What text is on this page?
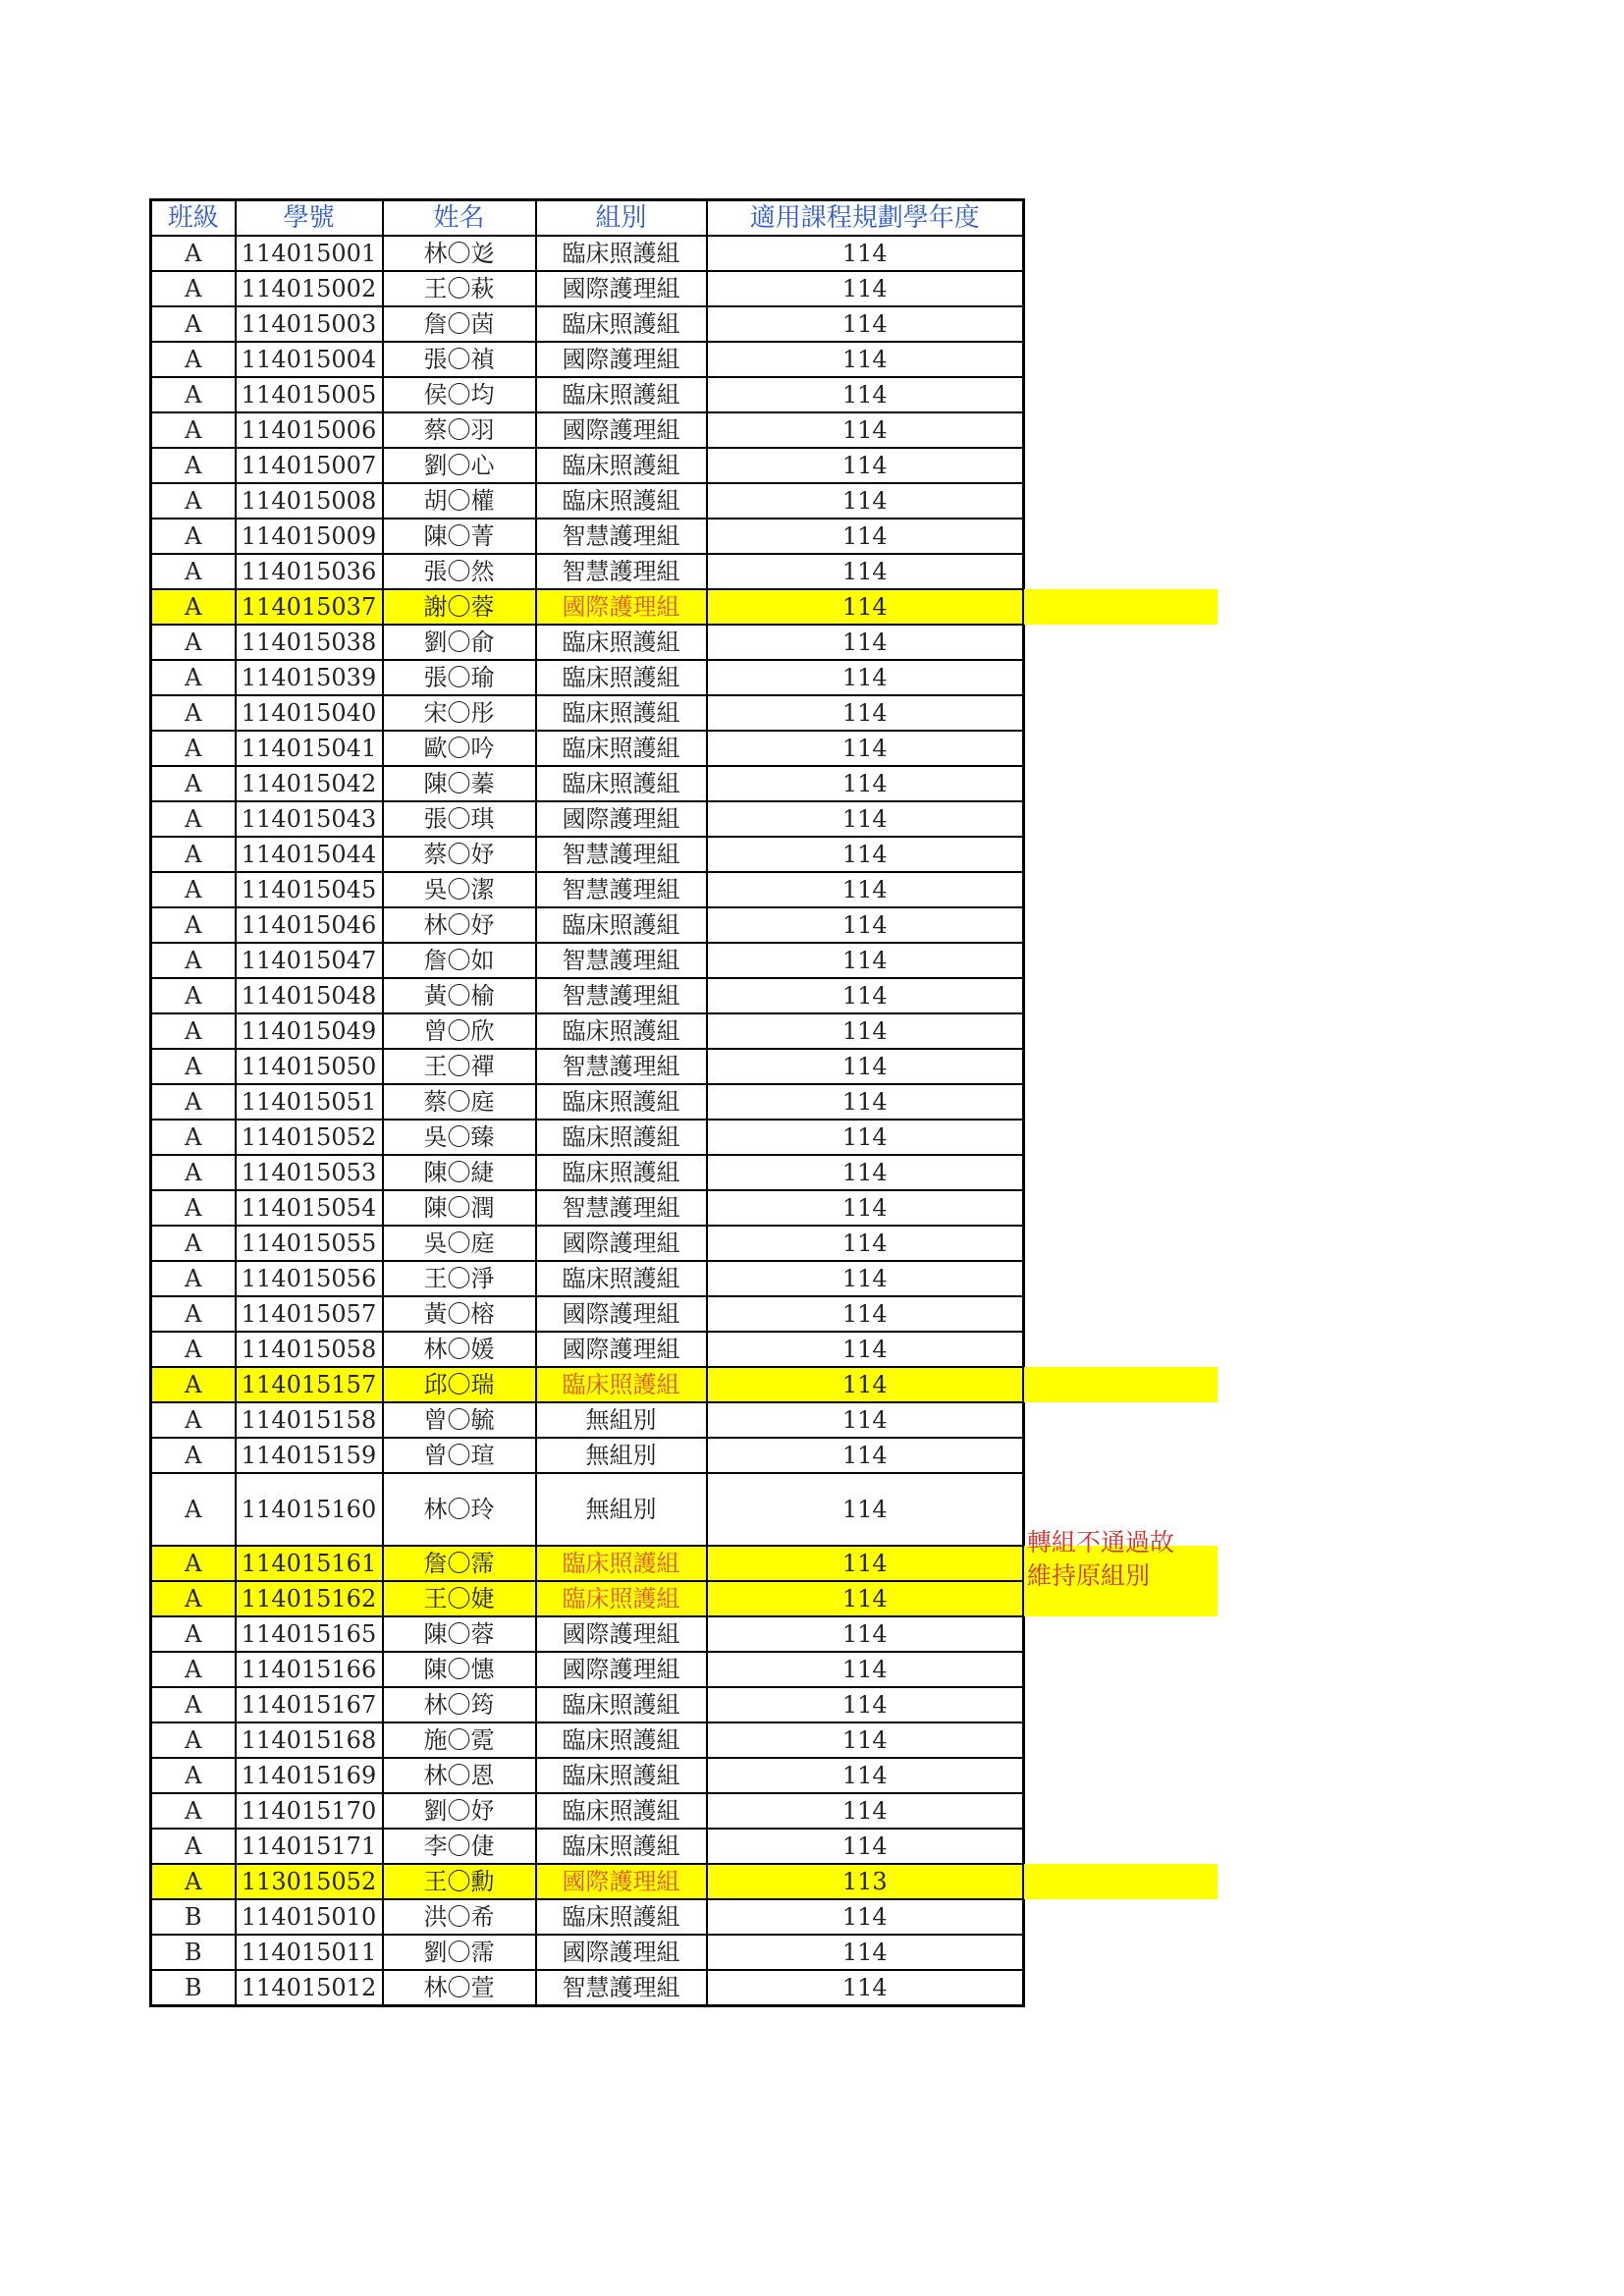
班級	學號	姓名	組別	適用課程規劃學年度
A	114015001	林〇彣	臨床照護組	114
A	114015002	王〇萩	國際護理組	114
A	114015003	詹〇茵	臨床照護組	114
A	114015004	張〇禎	國際護理組	114
A	114015005	侯〇均	臨床照護組	114
A	114015006	蔡〇羽	國際護理組	114
A	114015007	劉〇心	臨床照護組	114
A	114015008	胡〇權	臨床照護組	114
A	114015009	陳〇菁	智慧護理組	114
A	114015036	張〇然	智慧護理組	114
A	114015037	謝〇蓉	國際護理組	114
A	114015038	劉〇俞	臨床照護組	114
A	114015039	張〇瑜	臨床照護組	114
A	114015040	宋〇彤	臨床照護組	114
A	114015041	歐〇吟	臨床照護組	114
A	114015042	陳〇蓁	臨床照護組	114
A	114015043	張〇琪	國際護理組	114
A	114015044	蔡〇妤	智慧護理組	114
A	114015045	吳〇潔	智慧護理組	114
A	114015046	林〇妤	臨床照護組	114
A	114015047	詹〇如	智慧護理組	114
A	114015048	黃〇榆	智慧護理組	114
A	114015049	曾〇欣	臨床照護組	114
A	114015050	王〇禪	智慧護理組	114
A	114015051	蔡〇庭	臨床照護組	114
A	114015052	吳〇臻	臨床照護組	114
A	114015053	陳〇緁	臨床照護組	114
A	114015054	陳〇潤	智慧護理組	114
A	114015055	吳〇庭	國際護理組	114
A	114015056	王〇淨	臨床照護組	114
A	114015057	黃〇榕	國際護理組	114
A	114015058	林〇媛	國際護理組	114
A	114015157	邱〇瑞	臨床照護組	114
A	114015158	曾〇毓	無組別	114
A	114015159	曾〇瑄	無組別	114
A	114015160	林〇玲	無組別	114
A	114015161	詹〇霈	臨床照護組	114
A	114015162	王〇婕	臨床照護組	114
A	114015165	陳〇蓉	國際護理組	114
A	114015166	陳〇憓	國際護理組	114
A	114015167	林〇筠	臨床照護組	114
A	114015168	施〇霓	臨床照護組	114
A	114015169	林〇恩	臨床照護組	114
A	114015170	劉〇妤	臨床照護組	114
A	114015171	李〇倢	臨床照護組	114
A	113015052	王〇勳	國際護理組	113
B	114015010	洪〇希	臨床照護組	114
B	114015011	劉〇霈	國際護理組	114
B	114015012	林〇萱	智慧護理組	114
轉組不通過故
維持原組別
